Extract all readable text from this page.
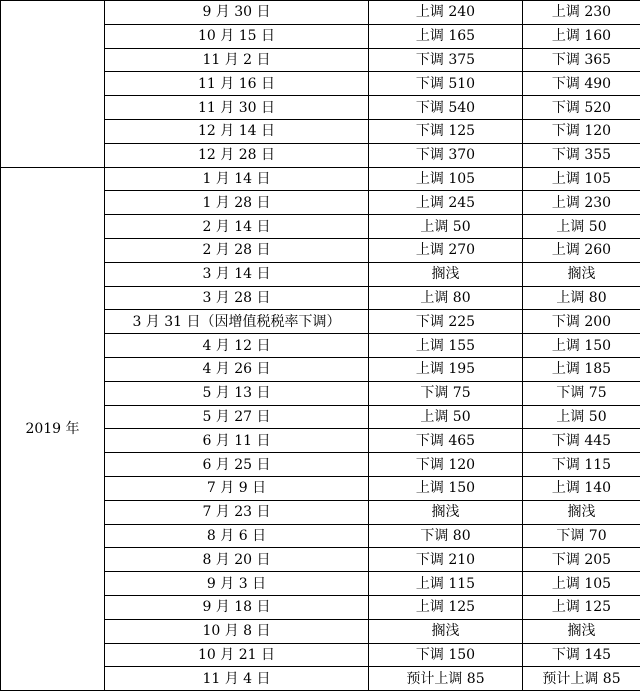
	9 月 30 日	上调 240	上调 230
	10 月 15 日	上调 165	上调 160
	11 月 2 日	下调 375	下调 365
	11 月 16 日	下调 510	下调 490
	11 月 30 日	下调 540	下调 520
	12 月 14 日	下调 125	下调 120
	12 月 28 日	下调 370	下调 355
2019 年	1 月 14 日	上调 105	上调 105
	1 月 28 日	上调 245	上调 230
	2 月 14 日	上调 50	上调 50
	2 月 28 日	上调 270	上调 260
	3 月 14 日	搁浅	搁浅
	3 月 28 日	上调 80	上调 80
	3 月 31 日（因增值税税率下调）	下调 225	下调 200
	4 月 12 日	上调 155	上调 150
	4 月 26 日	上调 195	上调 185
	5 月 13 日	下调 75	下调 75
	5 月 27 日	上调 50	上调 50
	6 月 11 日	下调 465	下调 445
	6 月 25 日	下调 120	下调 115
	7 月 9 日	上调 150	上调 140
	7 月 23 日	搁浅	搁浅
	8 月 6 日	下调 80	下调 70
	8 月 20 日	下调 210	下调 205
	9 月 3 日	上调 115	上调 105
	9 月 18 日	上调 125	上调 125
	10 月 8 日	搁浅	搁浅
	10 月 21 日	下调 150	下调 145
	11 月 4 日	预计上调 85	预计上调 85
